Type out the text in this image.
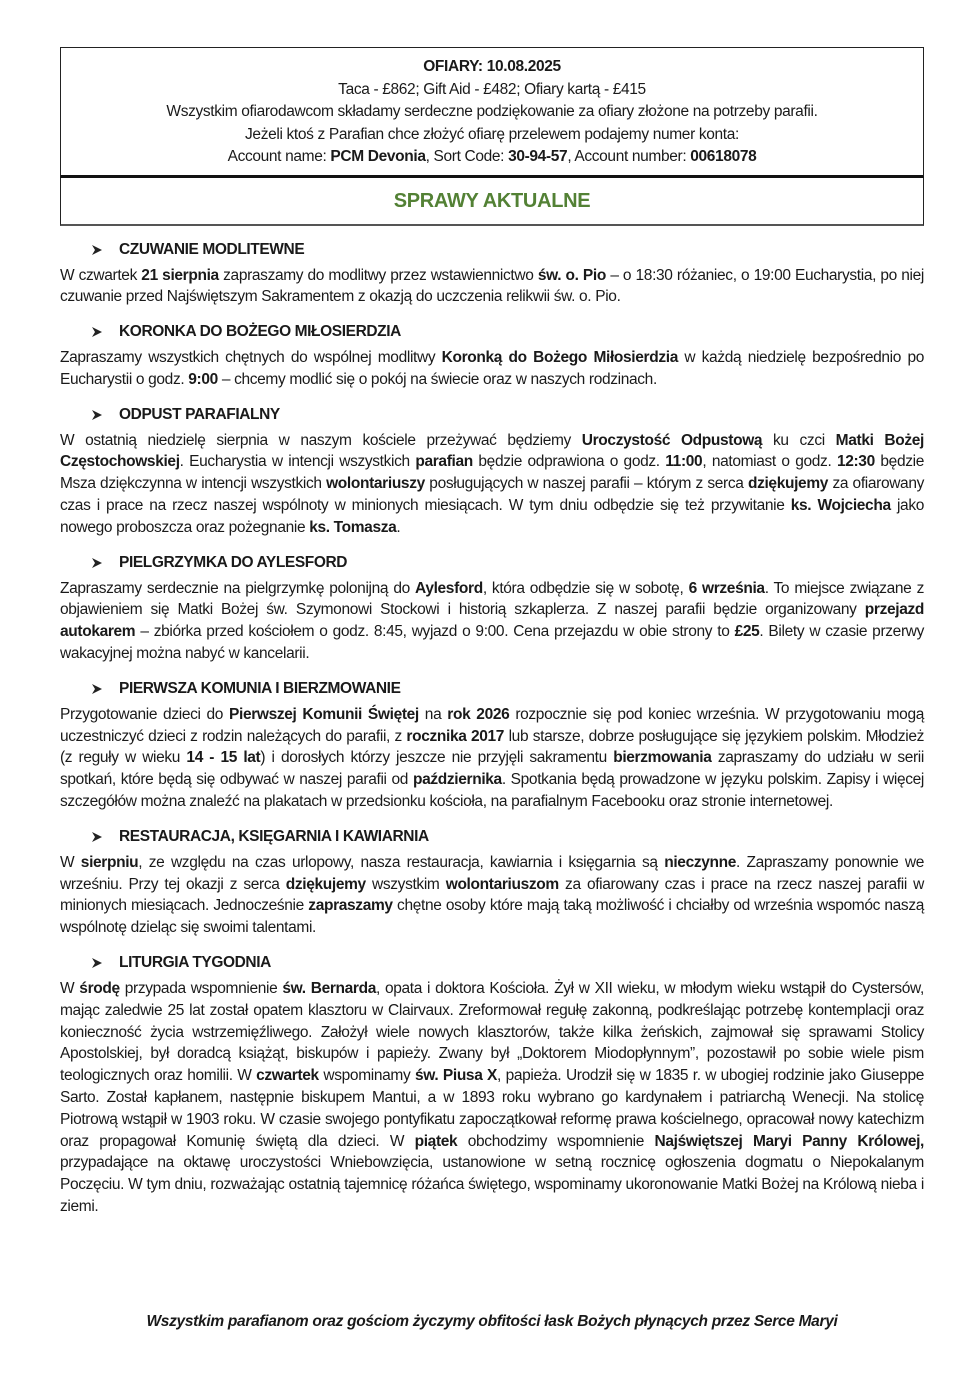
OFIARY: 10.08.2025
Taca - £862; Gift Aid - £482; Ofiary kartą - £415
Wszystkim ofiarodawcom składamy serdeczne podziękowanie za ofiary złożone na potrzeby parafii.
Jeżeli ktoś z Parafian chce złożyć ofiarę przelewem podajemy numer konta:
Account name: PCM Devonia, Sort Code: 30-94-57, Account number: 00618078
SPRAWY AKTUALNE
CZUWANIE MODLITEWNE
W czwartek 21 sierpnia zapraszamy do modlitwy przez wstawiennictwo św. o. Pio – o 18:30 różaniec, o 19:00 Eucharystia, po niej czuwanie przed Najświętszym Sakramentem z okazją do uczczenia relikwii św. o. Pio.
KORONKA DO BOŻEGO MIŁOSIERDZIA
Zapraszamy wszystkich chętnych do wspólnej modlitwy Koronką do Bożego Miłosierdzia w każdą niedzielę bezpośrednio po Eucharystii o godz. 9:00 – chcemy modlić się o pokój na świecie oraz w naszych rodzinach.
ODPUST PARAFIALNY
W ostatnią niedzielę sierpnia w naszym kościele przeżywać będziemy Uroczystość Odpustową ku czci Matki Bożej Częstochowskiej. Eucharystia w intencji wszystkich parafian będzie odprawiona o godz. 11:00, natomiast o godz. 12:30 będzie Msza dziękczynna w intencji wszystkich wolontariuszy posługujących w naszej parafii – którym z serca dziękujemy za ofiarowany czas i prace na rzecz naszej wspólnoty w minionych miesiącach. W tym dniu odbędzie się też przywitanie ks. Wojciecha jako nowego proboszcza oraz pożegnanie ks. Tomasza.
PIELGRZYMKA DO AYLESFORD
Zapraszamy serdecznie na pielgrzymkę polonijną do Aylesford, która odbędzie się w sobotę, 6 września. To miejsce związane z objawieniem się Matki Bożej św. Szymonowi Stockowi i historią szkaplerza. Z naszej parafii będzie organizowany przejazd autokarem – zbiórka przed kościołem o godz. 8:45, wyjazd o 9:00. Cena przejazdu w obie strony to £25. Bilety w czasie przerwy wakacyjnej można nabyć w kancelarii.
PIERWSZA KOMUNIA I BIERZMOWANIE
Przygotowanie dzieci do Pierwszej Komunii Świętej na rok 2026 rozpocznie się pod koniec września. W przygotowaniu mogą uczestniczyć dzieci z rodzin należących do parafii, z rocznika 2017 lub starsze, dobrze posługujące się językiem polskim. Młodzież (z reguły w wieku 14 - 15 lat) i dorosłych którzy jeszcze nie przyjęli sakramentu bierzmowania zapraszamy do udziału w serii spotkań, które będą się odbywać w naszej parafii od października. Spotkania będą prowadzone w języku polskim. Zapisy i więcej szczegółów można znaleźć na plakatach w przedsionku kościoła, na parafialnym Facebooku oraz stronie internetowej.
RESTAURACJA, KSIĘGARNIA I KAWIARNIA
W sierpniu, ze względu na czas urlopowy, nasza restauracja, kawiarnia i księgarnia są nieczynne. Zapraszamy ponownie we wrześniu. Przy tej okazji z serca dziękujemy wszystkim wolontariuszom za ofiarowany czas i prace na rzecz naszej parafii w minionych miesiącach. Jednocześnie zapraszamy chętne osoby które mają taką możliwość i chciałby od września wspomóc naszą wspólnotę dzieląc się swoimi talentami.
LITURGIA TYGODNIA
W środę przypada wspomnienie św. Bernarda, opata i doktora Kościoła. Żył w XII wieku, w młodym wieku wstąpił do Cystersów, mając zaledwie 25 lat został opatem klasztoru w Clairvaux. Zreformował regułę zakonną, podkreślając potrzebę kontemplacji oraz konieczność życia wstrzemięźliwego. Założył wiele nowych klasztorów, także kilka żeńskich, zajmował się sprawami Stolicy Apostolskiej, był doradcą książąt, biskupów i papieży. Zwany był „Doktorem Miodopłynnym”, pozostawił po sobie wiele pism teologicznych oraz homilii. W czwartek wspominamy św. Piusa X, papieża. Urodził się w 1835 r. w ubogiej rodzinie jako Giuseppe Sarto. Został kapłanem, następnie biskupem Mantui, a w 1893 roku wybrano go kardynałem i patriarchą Wenecji. Na stolicę Piotrową wstąpił w 1903 roku. W czasie swojego pontyfikatu zapoczątkował reformę prawa kościelnego, opracował nowy katechizm oraz propagował Komunię świętą dla dzieci. W piątek obchodzimy wspomnienie Najświętszej Maryi Panny Królowej, przypadające na oktawę uroczystości Wniebowzięcia, ustanowione w setną rocznicę ogłoszenia dogmatu o Niepokalanym Poczęciu. W tym dniu, rozważając ostatnią tajemnicę różańca świętego, wspominamy ukoronowanie Matki Bożej na Królową nieba i ziemi.
Wszystkim parafianom oraz gościom życzymy obfitości łask Bożych płynących przez Serce Maryi
